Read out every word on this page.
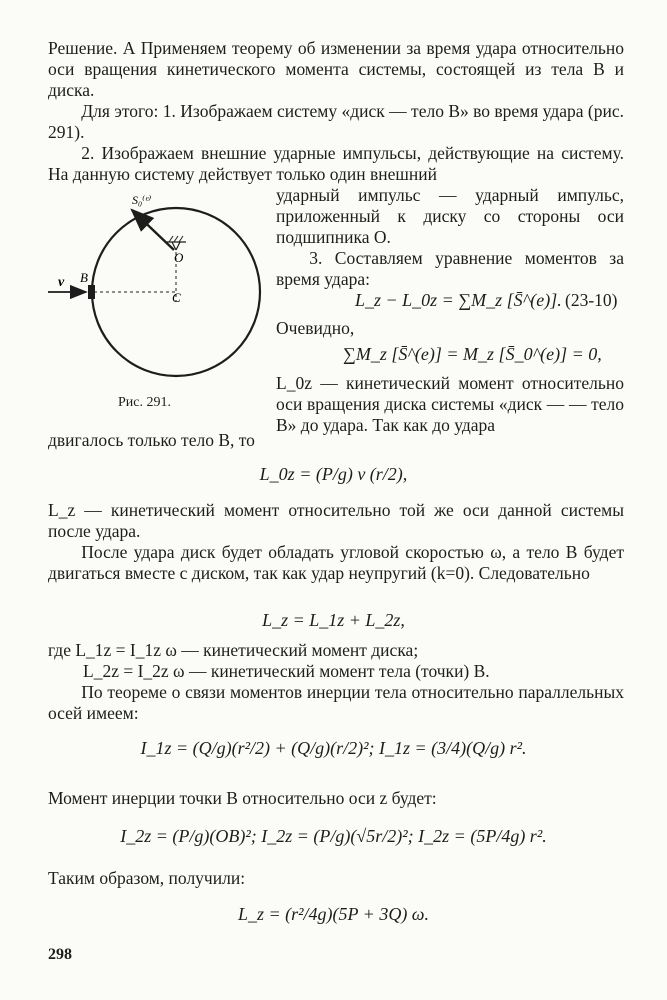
Решение. А Применяем теорему об изменении за время удара относительно оси вращения кинетического момента системы, состоящей из тела B и диска.
Для этого: 1. Изображаем систему «диск — тело B» во время удара (рис. 291).
2. Изображаем внешние ударные импульсы, действующие на систему. На данную систему действует только один внешний
ударный импульс — ударный импульс, приложенный к диску со стороны оси подшипника O.
3. Составляем уравнение моментов за время удара:
L_z − L_0z = ∑M_z [S̄^(e)]. (23-10)
Очевидно,
∑M_z [S̄^(e)] = M_z [S̄_0^(e)] = 0,
L_0z — кинетический момент относительно оси вращения диска системы «диск — — тело B» до удара. Так как до удара
Рис. 291.
двигалось только тело B, то
L_0z = (P/g) v (r/2),
L_z — кинетический момент относительно той же оси данной системы после удара.
После удара диск будет обладать угловой скоростью ω, а тело B будет двигаться вместе с диском, так как удар неупругий (k=0). Следовательно
L_z = L_1z + L_2z,
где L_1z = I_1z ω — кинетический момент диска;
L_2z = I_2z ω — кинетический момент тела (точки) B.
По теореме о связи моментов инерции тела относительно параллельных осей имеем:
I_1z = (Q/g)(r²/2) + (Q/g)(r/2)²; I_1z = (3/4)(Q/g) r².
Момент инерции точки B относительно оси z будет:
I_2z = (P/g)(OB)²; I_2z = (P/g)(√5r/2)²; I_2z = (5P/4g) r².
Таким образом, получили:
L_z = (r²/4g)(5P + 3Q) ω.
298
S₀⁽ᵉ⁾
O
C
B
v
